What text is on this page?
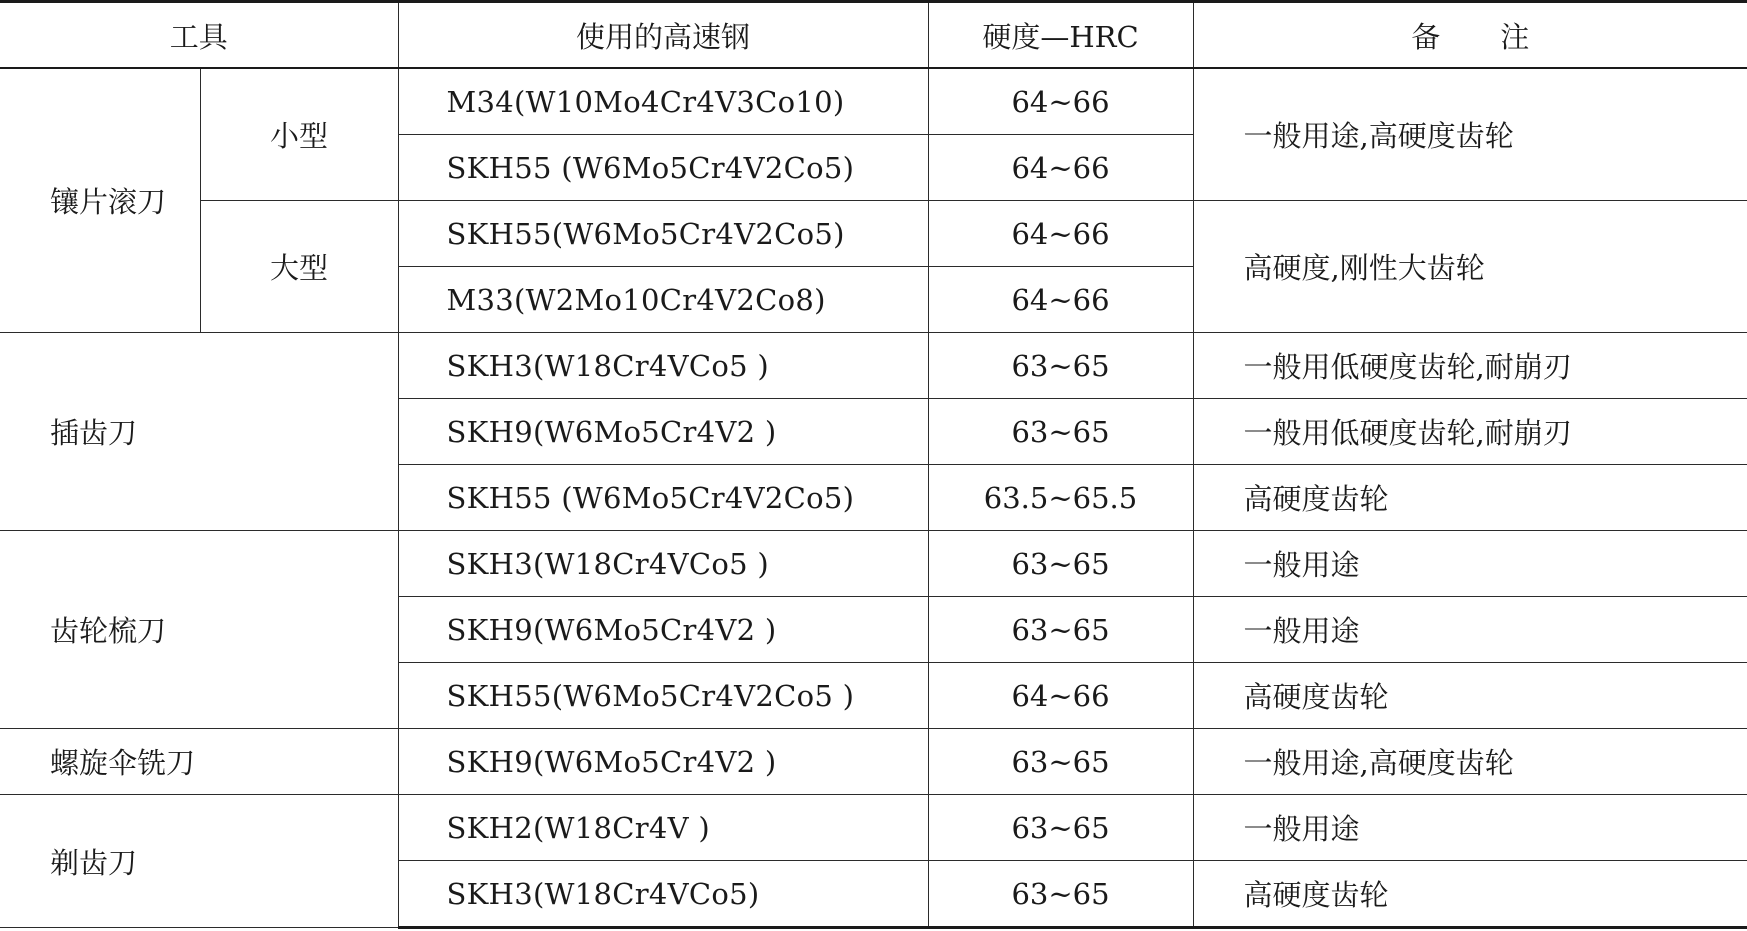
工具		使用的高速钢	硬度—HRC	备注
镶片滚刀	小型	M34(W10Mo4Cr4V3Co10)	64~66	一般用途,高硬度齿轮
		SKH55 (W6Mo5Cr4V2Co5)	64~66	
	大型	SKH55(W6Mo5Cr4V2Co5)	64~66	高硬度,刚性大齿轮
		M33(W2Mo10Cr4V2Co8)	64~66	
插齿刀		SKH3(W18Cr4VCo5 )	63~65	一般用低硬度齿轮,耐崩刃
		SKH9(W6Mo5Cr4V2 )	63~65	一般用低硬度齿轮,耐崩刃
		SKH55 (W6Mo5Cr4V2Co5)	63.5~65.5	高硬度齿轮
齿轮梳刀		SKH3(W18Cr4VCo5 )	63~65	一般用途
		SKH9(W6Mo5Cr4V2 )	63~65	一般用途
		SKH55(W6Mo5Cr4V2Co5 )	64~66	高硬度齿轮
螺旋伞铣刀		SKH9(W6Mo5Cr4V2 )	63~65	一般用途,高硬度齿轮
剃齿刀		SKH2(W18Cr4V )	63~65	一般用途
		SKH3(W18Cr4VCo5)	63~65	高硬度齿轮
